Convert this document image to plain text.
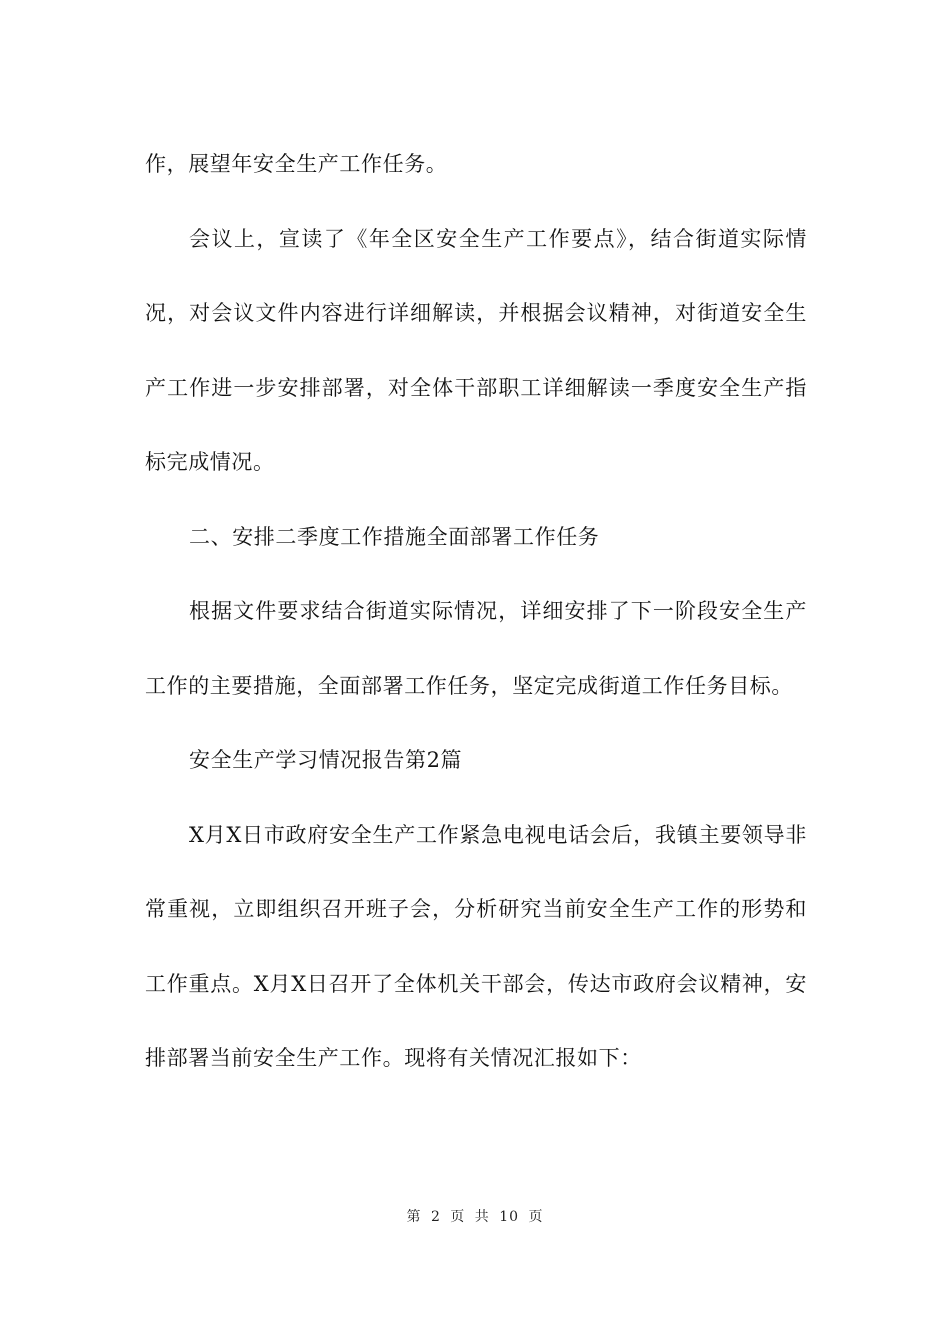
作，展望年安全生产工作任务。

会议上，宣读了《年全区安全生产工作要点》，结合街道实际情况，对会议文件内容进行详细解读，并根据会议精神，对街道安全生产工作进一步安排部署，对全体干部职工详细解读一季度安全生产指标完成情况。

二、安排二季度工作措施全面部署工作任务

根据文件要求结合街道实际情况，详细安排了下一阶段安全生产工作的主要措施，全面部署工作任务，坚定完成街道工作任务目标。

安全生产学习情况报告第2篇

X月X日市政府安全生产工作紧急电视电话会后，我镇主要领导非常重视，立即组织召开班子会，分析研究当前安全生产工作的形势和工作重点。X月X日召开了全体机关干部会，传达市政府会议精神，安排部署当前安全生产工作。现将有关情况汇报如下：

第 2 页 共 10 页
